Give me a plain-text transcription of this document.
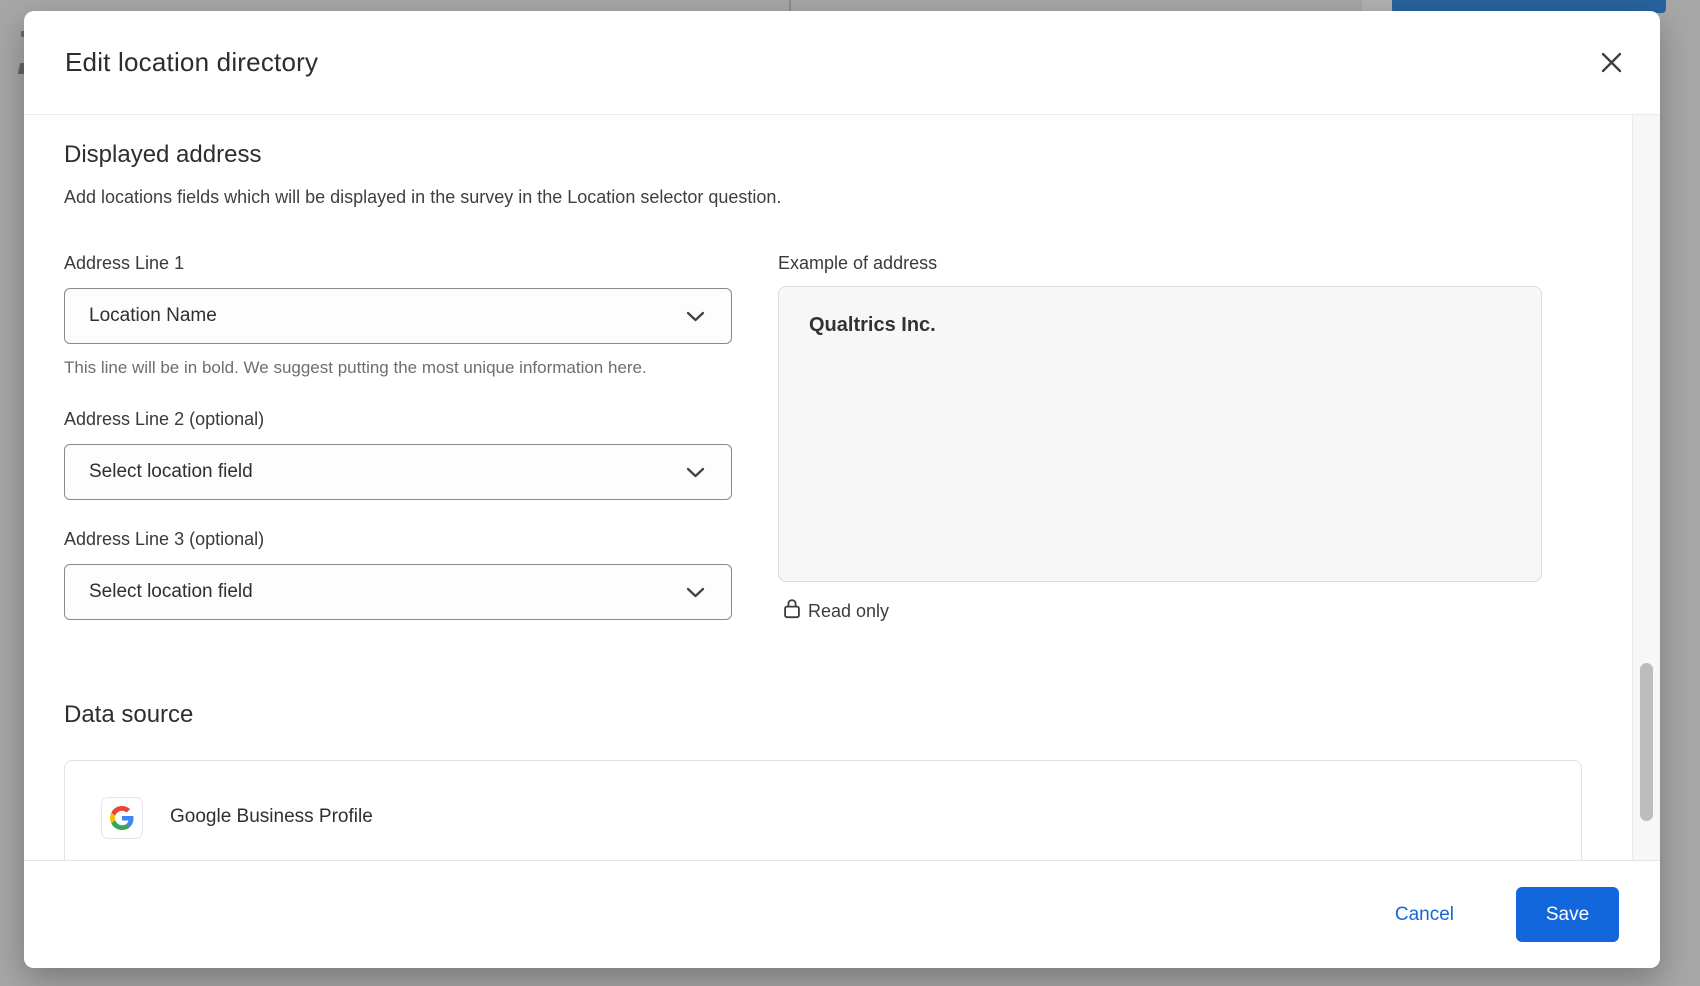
Edit location directory
Displayed address
Add locations fields which will be displayed in the survey in the Location selector question.
Address Line 1
Location Name
This line will be in bold. We suggest putting the most unique information here.
Address Line 2 (optional)
Select location field
Address Line 3 (optional)
Select location field
Example of address
Qualtrics Inc.
Read only
Data source
Google Business Profile
Cancel	Save
